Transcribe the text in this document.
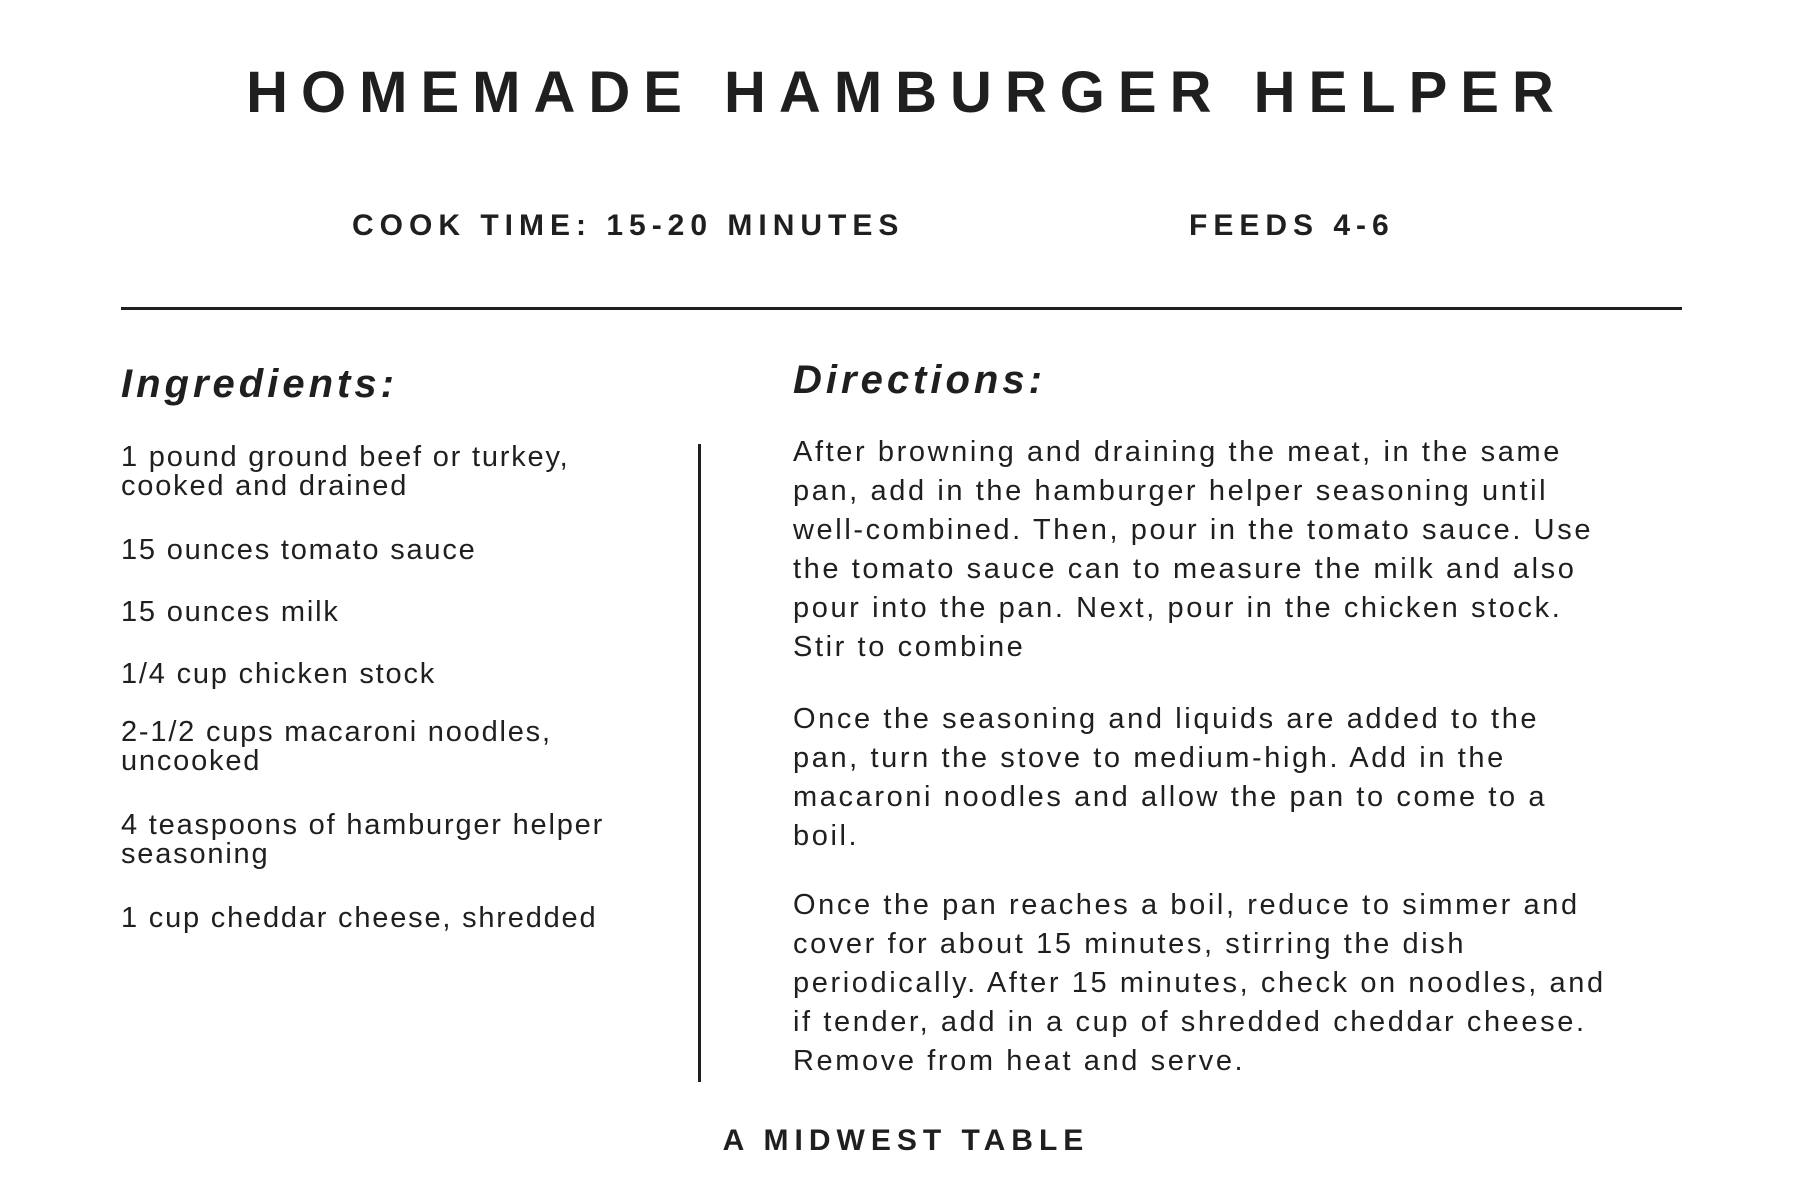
HOMEMADE HAMBURGER HELPER
COOK TIME: 15-20 MINUTES	FEEDS 4-6
Ingredients:	Directions:
1 pound ground beef or turkey,
cooked and drained
15 ounces tomato sauce
15 ounces milk
1/4 cup chicken stock
2-1/2 cups macaroni noodles,
uncooked
4 teaspoons of hamburger helper
seasoning
1 cup cheddar cheese, shredded

After browning and draining the meat, in the same
pan, add in the hamburger helper seasoning until
well-combined. Then, pour in the tomato sauce. Use
the tomato sauce can to measure the milk and also
pour into the pan. Next, pour in the chicken stock.
Stir to combine

Once the seasoning and liquids are added to the
pan, turn the stove to medium-high. Add in the
macaroni noodles and allow the pan to come to a
boil.

Once the pan reaches a boil, reduce to simmer and
cover for about 15 minutes, stirring the dish
periodically. After 15 minutes, check on noodles, and
if tender, add in a cup of shredded cheddar cheese.
Remove from heat and serve.

A MIDWEST TABLE
